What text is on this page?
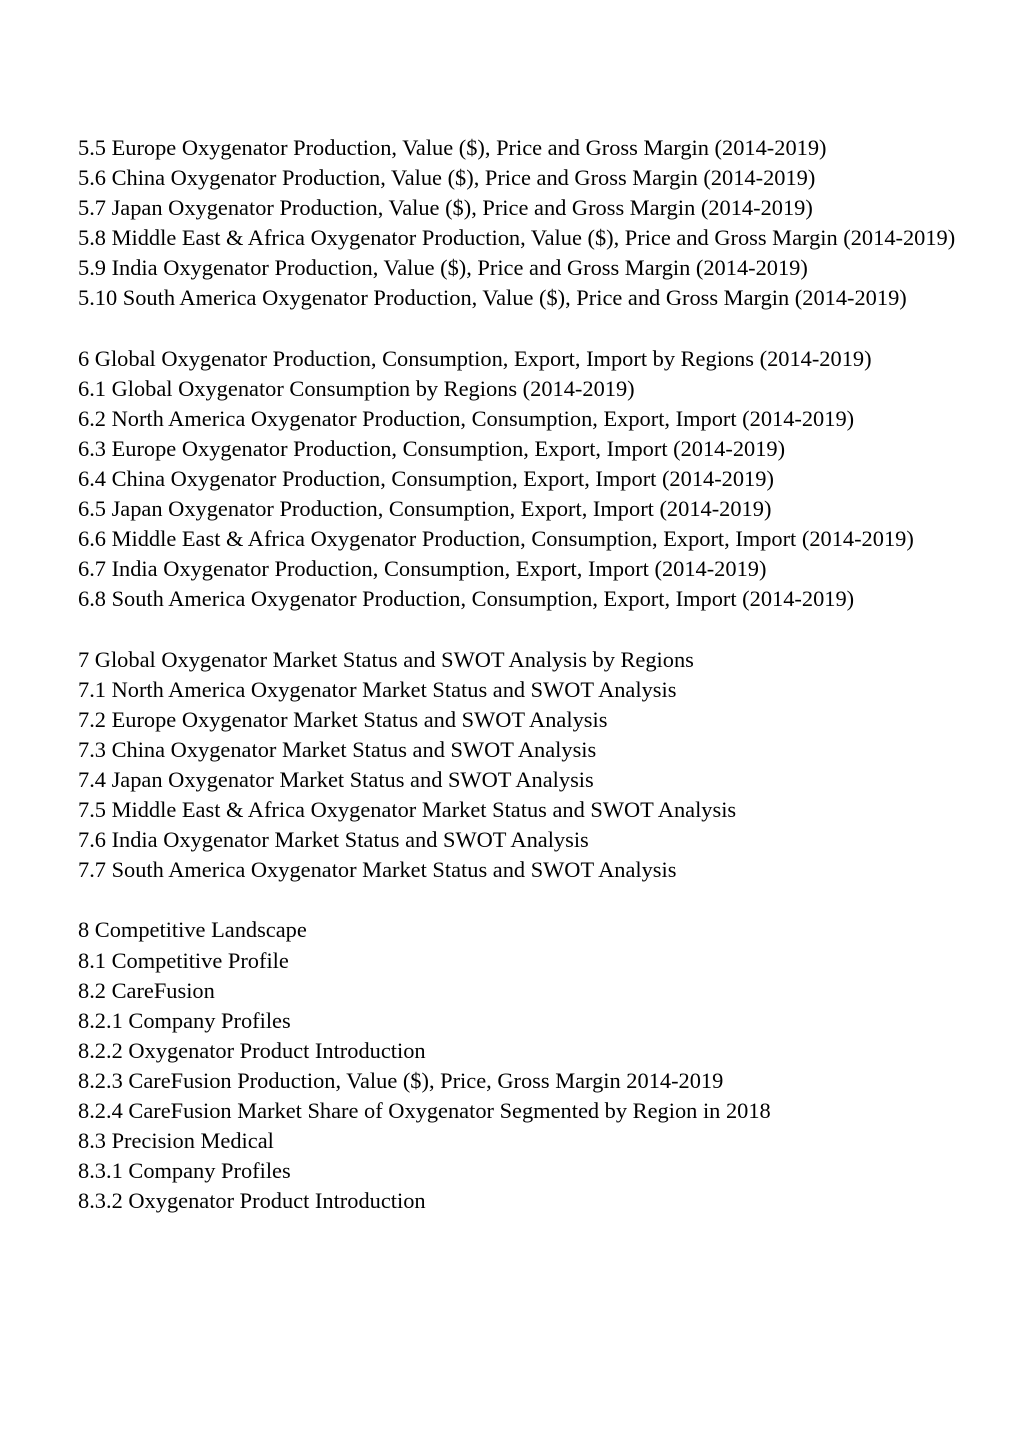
5.5 Europe Oxygenator Production, Value ($), Price and Gross Margin (2014-2019)
5.6 China Oxygenator Production, Value ($), Price and Gross Margin (2014-2019)
5.7 Japan Oxygenator Production, Value ($), Price and Gross Margin (2014-2019)
5.8 Middle East & Africa Oxygenator Production, Value ($), Price and Gross Margin (2014-2019)
5.9 India Oxygenator Production, Value ($), Price and Gross Margin (2014-2019)
5.10 South America Oxygenator Production, Value ($), Price and Gross Margin (2014-2019)
6 Global Oxygenator Production, Consumption, Export, Import by Regions (2014-2019)
6.1 Global Oxygenator Consumption by Regions (2014-2019)
6.2 North America Oxygenator Production, Consumption, Export, Import (2014-2019)
6.3 Europe Oxygenator Production, Consumption, Export, Import (2014-2019)
6.4 China Oxygenator Production, Consumption, Export, Import (2014-2019)
6.5 Japan Oxygenator Production, Consumption, Export, Import (2014-2019)
6.6 Middle East & Africa Oxygenator Production, Consumption, Export, Import (2014-2019)
6.7 India Oxygenator Production, Consumption, Export, Import (2014-2019)
6.8 South America Oxygenator Production, Consumption, Export, Import (2014-2019)
7 Global Oxygenator Market Status and SWOT Analysis by Regions
7.1 North America Oxygenator Market Status and SWOT Analysis
7.2 Europe Oxygenator Market Status and SWOT Analysis
7.3 China Oxygenator Market Status and SWOT Analysis
7.4 Japan Oxygenator Market Status and SWOT Analysis
7.5 Middle East & Africa Oxygenator Market Status and SWOT Analysis
7.6 India Oxygenator Market Status and SWOT Analysis
7.7 South America Oxygenator Market Status and SWOT Analysis
8 Competitive Landscape
8.1 Competitive Profile
8.2 CareFusion
8.2.1 Company Profiles
8.2.2 Oxygenator Product Introduction
8.2.3 CareFusion Production, Value ($), Price, Gross Margin 2014-2019
8.2.4 CareFusion Market Share of Oxygenator Segmented by Region in 2018
8.3 Precision Medical
8.3.1 Company Profiles
8.3.2 Oxygenator Product Introduction
